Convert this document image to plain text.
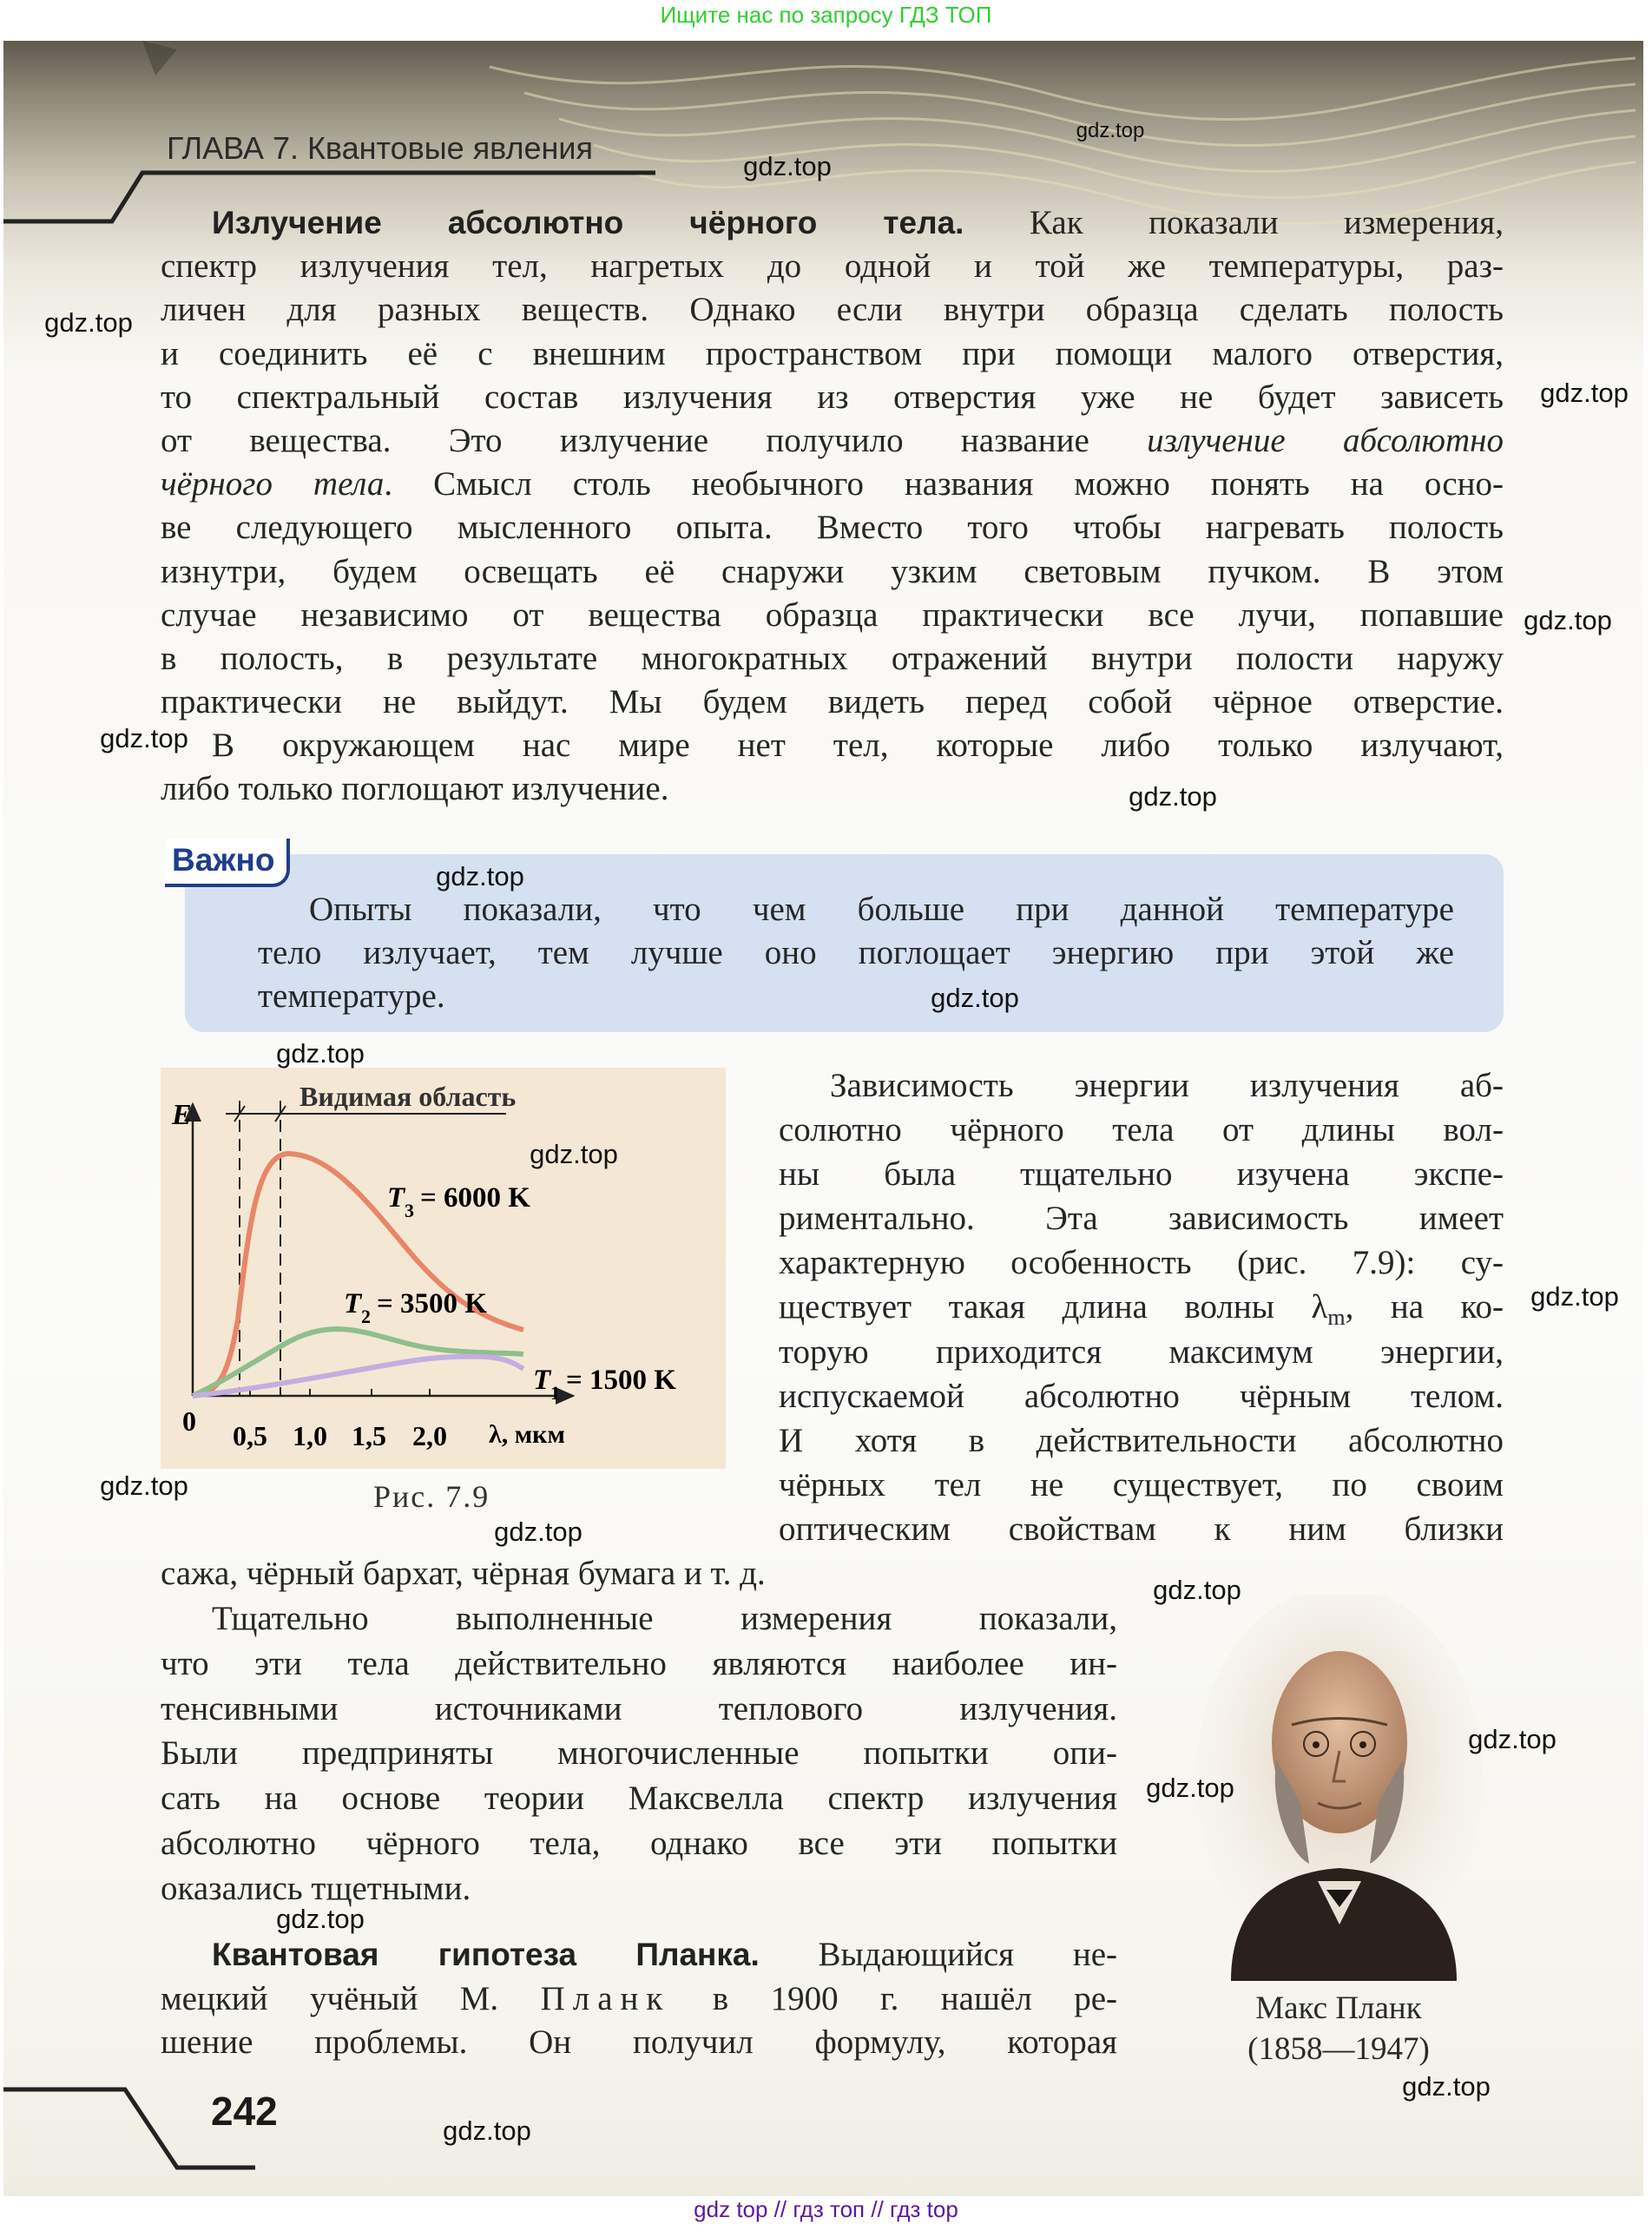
Ищите нас по запросу ГДЗ ТОП
ГЛАВА 7. Квантовые явления
Излучение абсолютно чёрного тела. Как показали измерения,
спектр излучения тел, нагретых до одной и той же температуры, раз-
личен для разных веществ. Однако если внутри образца сделать полость
и соединить её с внешним пространством при помощи малого отверстия,
то спектральный состав излучения из отверстия уже не будет зависеть
от вещества. Это излучение получило название излучение абсолютно
чёрного тела. Смысл столь необычного названия можно понять на осно-
ве следующего мысленного опыта. Вместо того чтобы нагревать полость
изнутри, будем освещать её снаружи узким световым пучком. В этом
случае независимо от вещества образца практически все лучи, попавшие
в полость, в результате многократных отражений внутри полости наружу
практически не выйдут. Мы будем видеть перед собой чёрное отверстие.
В окружающем нас мире нет тел, которые либо только излучают,
либо только поглощают излучение.
Важно
Опыты показали, что чем больше при данной температуре
тело излучает, тем лучше оно поглощает энергию при этой же
температуре.
E
Видимая область
0 0,5 1,0 1,5 2,0 λ, мкм
T 3 = 6000 K
T 2 = 3500 K
T 1 = 1500 K
Рис. 7.9
Зависимость энергии излучения аб-
солютно чёрного тела от длины вол-
ны была тщательно изучена экспе-
риментально. Эта зависимость имеет
характерную особенность (рис. 7.9): су-
ществует такая длина волны $\lambda_m$, на ко-
торую приходится максимум энергии,
испускаемой абсолютно чёрным телом.
И хотя в действительности абсолютно
чёрных тел не существует, по своим
оптическим свойствам к ним близки
сажа, чёрный бархат, чёрная бумага и т. д.
Тщательно выполненные измерения показали,
что эти тела действительно являются наиболее ин-
тенсивными источниками теплового излучения.
Были предприняты многочисленные попытки опи-
сать на основе теории Максвелла спектр излучения
абсолютно чёрного тела, однако все эти попытки
оказались тщетными.
Квантовая гипотеза Планка. Выдающийся не-
мецкий учёный М. Планк в 1900 г. нашёл ре-
шение проблемы. Он получил формулу, которая
Макс Планк
(1858—1947)
242
gdz.top
gdz.top
gdz.top
gdz.top
gdz.top
gdz.top
gdz.top
gdz.top
gdz.top
gdz.top
gdz.top
gdz.top
gdz.top
gdz.top
gdz.top
gdz.top
gdz.top
gdz.top
gdz.top
gdz.top
gdz top // гдз топ // гдз top
